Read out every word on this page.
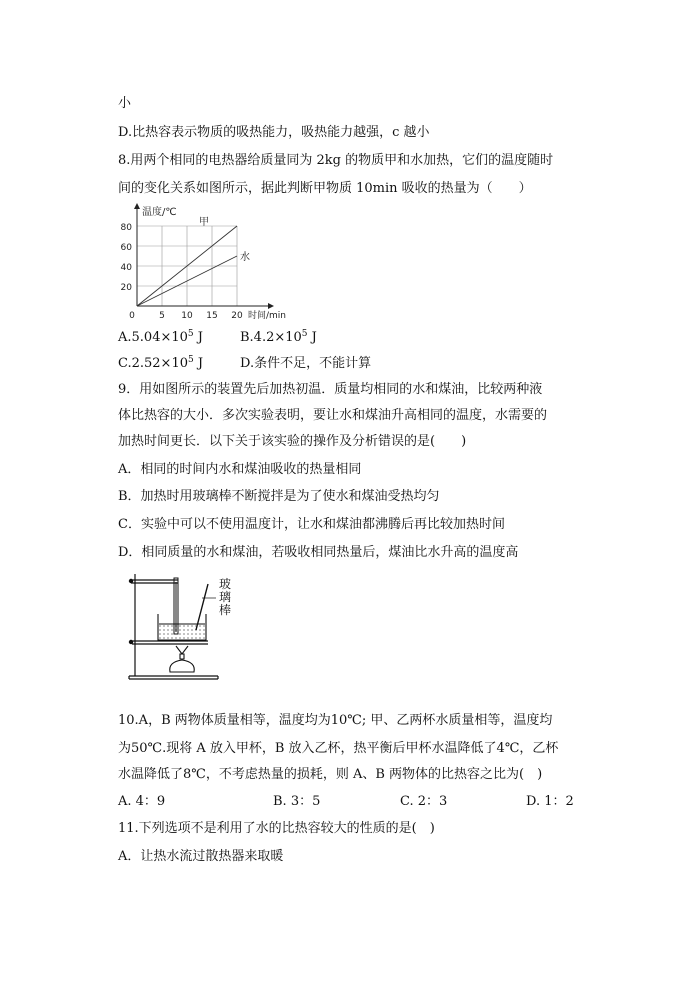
小
D.比热容表示物质的吸热能力，吸热能力越强，c 越小
8.用两个相同的电热器给质量同为 2kg 的物质甲和水加热，它们的温度随时
间的变化关系如图所示，据此判断甲物质 10min 吸收的热量为（　　）
温度/℃
时间/min
0	5 10 15 20
20
40
60
80	甲
水
$A.5.04\times 10^5$ J	$B.4.2\times 10^5$ J
$C.2.52\times 10^5$ J	D.条件不足，不能计算
9．用如图所示的装置先后加热初温．质量均相同的水和煤油，比较两种液
体比热容的大小．多次实验表明，要让水和煤油升高相同的温度，水需要的
加热时间更长．以下关于该实验的操作及分析错误的是(　　)
A．相同的时间内水和煤油吸收的热量相同
B．加热时用玻璃棒不断搅拌是为了使水和煤油受热均匀
C．实验中可以不使用温度计，让水和煤油都沸腾后再比较加热时间
D．相同质量的水和煤油，若吸收相同热量后，煤油比水升高的温度高
玻
璃
棒
10.A，B 两物体质量相等，温度均为10℃; 甲、乙两杯水质量相等，温度均
为50℃.现将 A 放入甲杯，B 放入乙杯，热平衡后甲杯水温降低了4℃，乙杯
水温降低了8℃，不考虑热量的损耗，则 A、B 两物体的比热容之比为(　)
A. 4：9	B. 3：5	C. 2：3	D. 1：2
11.下列选项不是利用了水的比热容较大的性质的是(　)
A．让热水流过散热器来取暖
